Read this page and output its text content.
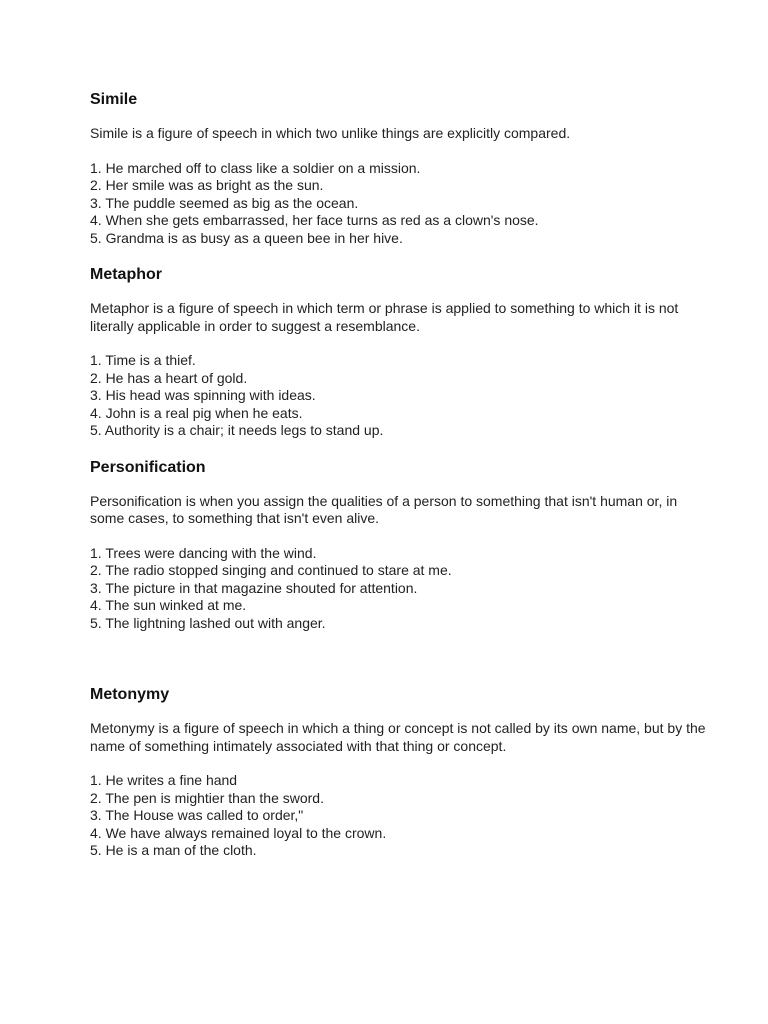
Simile

Simile is a figure of speech in which two unlike things are explicitly compared.

1. He marched off to class like a soldier on a mission.
2. Her smile was as bright as the sun.
3. The puddle seemed as big as the ocean.
4. When she gets embarrassed, her face turns as red as a clown's nose.
5. Grandma is as busy as a queen bee in her hive.
Metaphor

Metaphor is a figure of speech in which term or phrase is applied to something to which it is not literally applicable in order to suggest a resemblance.

1. Time is a thief.
2. He has a heart of gold.
3. His head was spinning with ideas.
4. John is a real pig when he eats.
5. Authority is a chair; it needs legs to stand up.
Personification

Personification is when you assign the qualities of a person to something that isn't human or, in some cases, to something that isn't even alive.

1. Trees were dancing with the wind.
2. The radio stopped singing and continued to stare at me.
3. The picture in that magazine shouted for attention.
4. The sun winked at me.
5. The lightning lashed out with anger.
Metonymy

Metonymy is a figure of speech in which a thing or concept is not called by its own name, but by the name of something intimately associated with that thing or concept.

1. He writes a fine hand
2. The pen is mightier than the sword.
3. The House was called to order,"
4. We have always remained loyal to the crown.
5. He is a man of the cloth.
